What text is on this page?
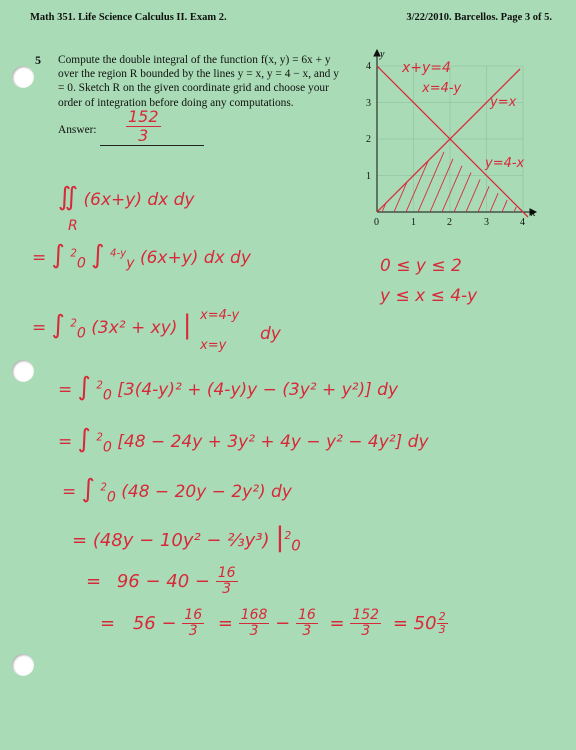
Math 351. Life Science Calculus II. Exam 2.	3/22/2010. Barcellos. Page 3 of 5.
5 Compute the double integral of the function f(x, y) = 6x + y over the region R bounded by the lines y = x, y = 4 − x, and y = 0. Sketch R on the given coordinate grid and choose your order of integration before doing any computations.
Answer: $\frac{152}{3}$
x
y
0	1	2	3	4
1
2
3
4 x+y=4
x=4-y
y=x
y=4-x
∬ (6x+y) dx dy
R
= ∫ $^2_0$ ∫ $^{4-y}_y$ (6x+y) dx dy
= ∫ $^2_0$ (3x² + xy) | x=4-y
x=y
dy
= ∫ $^2_0$ [3(4-y)² + (4-y)y − (3y² + y²)] dy
= ∫ $^2_0$ [48 − 24y + 3y² + 4y − y² − 4y²] dy
= ∫ $^2_0$ (48 − 20y − 2y²) dy
= (48y − 10y² − ⅔y³) $|^2_0$
= $96 - 40 - \frac{16}{3}$
= $56 - \frac{16}{3} = \frac{168}{3} - \frac{16}{3} = \frac{152}{3} = 50 \frac{2}{3}$
0 ≤ y ≤ 2
y ≤ x ≤ 4-y
